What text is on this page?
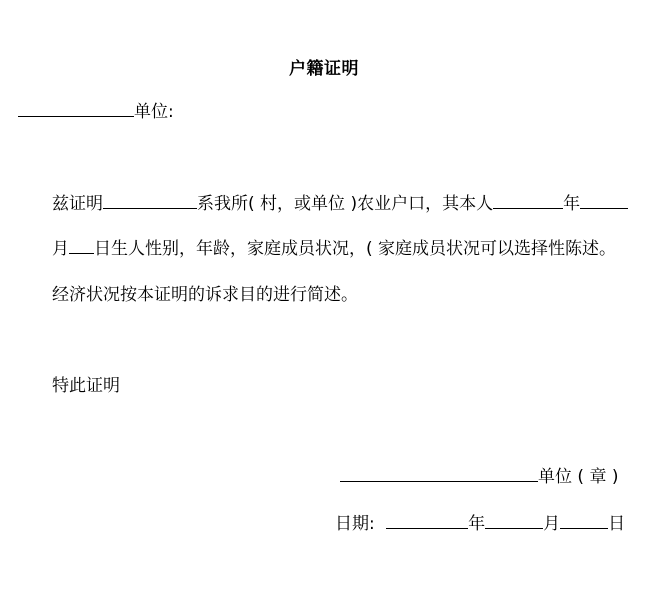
户籍证明
单位:
兹证明	系我所( 村，或单位 )农业户口，其本人	年
月 日生人性别，年龄，家庭成员状况，( 家庭成员状况可以选择性陈述。
经济状况按本证明的诉求目的进行简述。
特此证明
单位 ( 章 )
日期:	年	月	日
